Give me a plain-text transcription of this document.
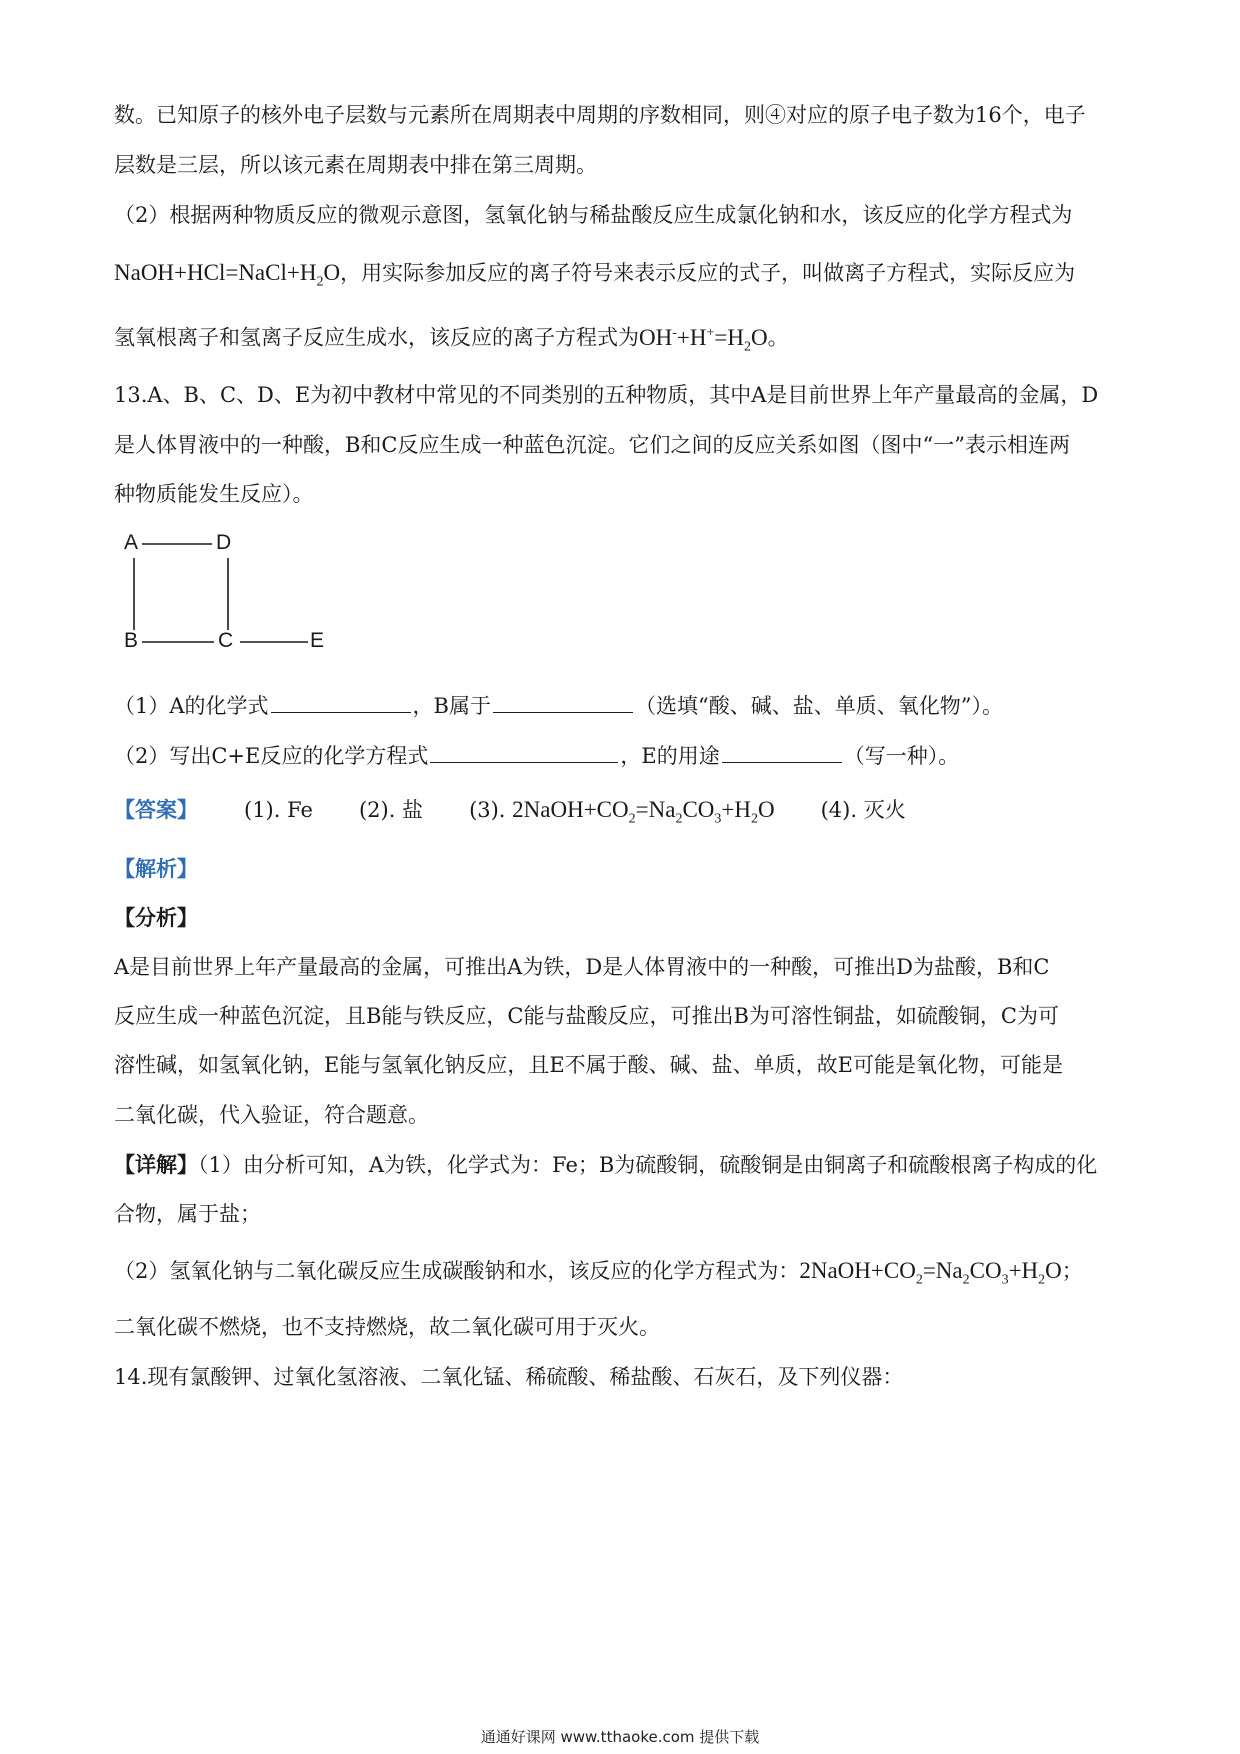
数。已知原子的核外电子层数与元素所在周期表中周期的序数相同，则④对应的原子电子数为16个，电子
层数是三层，所以该元素在周期表中排在第三周期。
（2）根据两种物质反应的微观示意图，氢氧化钠与稀盐酸反应生成氯化钠和水，该反应的化学方程式为
$NaOH+HCl=NaCl+H_2O$，用实际参加反应的离子符号来表示反应的式子，叫做离子方程式，实际反应为
氢氧根离子和氢离子反应生成水，该反应的离子方程式为$OH^-+H^+=H_2O$。
13.A、B、C、D、E为初中教材中常见的不同类别的五种物质，其中A是目前世界上年产量最高的金属，D
是人体胃液中的一种酸，B和C反应生成一种蓝色沉淀。它们之间的反应关系如图（图中“一”表示相连两
种物质能发生反应）。
A	D
B	C	E
（1）A的化学式	，B属于	（选填“酸、碱、盐、单质、氧化物”）。
（2）写出C+E反应的化学方程式	，E的用途	（写一种）。
【答案】 (1). Fe (2). 盐 (3). $2NaOH+CO_2=Na_2CO_3+H_2O$ (4). 灭火
【解析】
【分析】
A是目前世界上年产量最高的金属，可推出A为铁，D是人体胃液中的一种酸，可推出D为盐酸，B和C
反应生成一种蓝色沉淀，且B能与铁反应，C能与盐酸反应，可推出B为可溶性铜盐，如硫酸铜，C为可
溶性碱，如氢氧化钠，E能与氢氧化钠反应，且E不属于酸、碱、盐、单质，故E可能是氧化物，可能是
二氧化碳，代入验证，符合题意。
【详解】（1）由分析可知，A为铁，化学式为：Fe；B为硫酸铜，硫酸铜是由铜离子和硫酸根离子构成的化
合物，属于盐；
（2）氢氧化钠与二氧化碳反应生成碳酸钠和水，该反应的化学方程式为：$2NaOH+CO_2=Na_2CO_3+H_2O$；
二氧化碳不燃烧，也不支持燃烧，故二氧化碳可用于灭火。
14.现有氯酸钾、过氧化氢溶液、二氧化锰、稀硫酸、稀盐酸、石灰石，及下列仪器：
通通好课网 www.tthaoke.com 提供下载
